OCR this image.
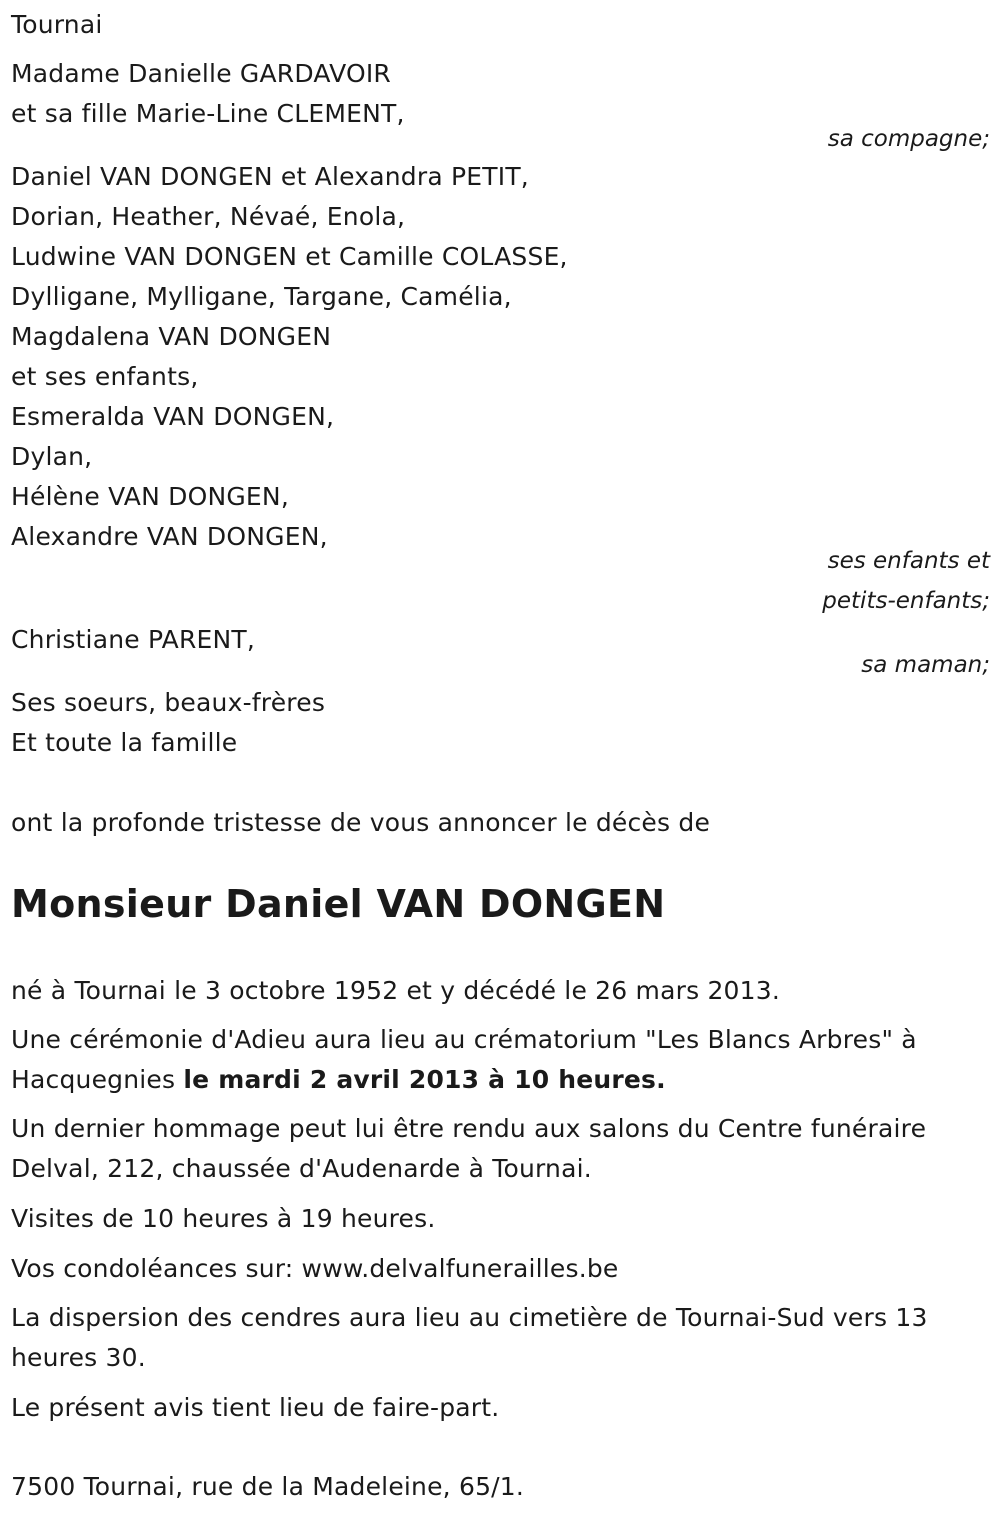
Tournai
Madame Danielle GARDAVOIR
et sa fille Marie-Line CLEMENT,
sa compagne;
Daniel VAN DONGEN et Alexandra PETIT,
Dorian, Heather, Névaé, Enola,
Ludwine VAN DONGEN et Camille COLASSE,
Dylligane, Mylligane, Targane, Camélia,
Magdalena VAN DONGEN
et ses enfants,
Esmeralda VAN DONGEN,
Dylan,
Hélène VAN DONGEN,
Alexandre VAN DONGEN,
ses enfants et
petits-enfants;
Christiane PARENT,
sa maman;
Ses soeurs, beaux-frères
Et toute la famille
ont la profonde tristesse de vous annoncer le décès de
Monsieur Daniel VAN DONGEN
né à Tournai le 3 octobre 1952 et y décédé le 26 mars 2013.
Une cérémonie d'Adieu aura lieu au crématorium "Les Blancs Arbres" à
Hacquegnies le mardi 2 avril 2013 à 10 heures.
Un dernier hommage peut lui être rendu aux salons du Centre funéraire
Delval, 212, chaussée d'Audenarde à Tournai.
Visites de 10 heures à 19 heures.
Vos condoléances sur: www.delvalfunerailles.be
La dispersion des cendres aura lieu au cimetière de Tournai-Sud vers 13
heures 30.
Le présent avis tient lieu de faire-part.
7500 Tournai, rue de la Madeleine, 65/1.
